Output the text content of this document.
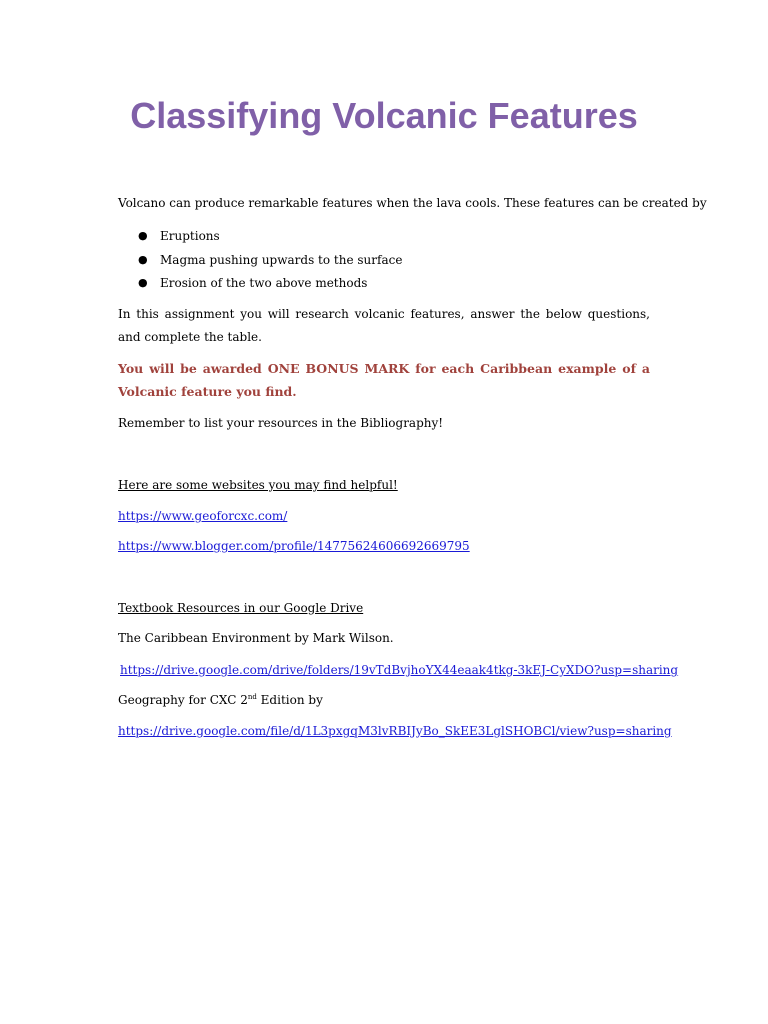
Classifying Volcanic Features

Volcano can produce remarkable features when the lava cools. These features can be created by

● Eruptions
● Magma pushing upwards to the surface
● Erosion of the two above methods

In this assignment you will research volcanic features, answer the below questions, and complete the table.

You will be awarded ONE BONUS MARK for each Caribbean example of a Volcanic feature you find.

Remember to list your resources in the Bibliography!

Here are some websites you may find helpful!

https://www.geoforcxc.com/

https://www.blogger.com/profile/14775624606692669795

Textbook Resources in our Google Drive

The Caribbean Environment by Mark Wilson.

https://drive.google.com/drive/folders/19vTdBvjhoYX44eaak4tkg-3kEJ-CyXDO?usp=sharing

Geography for CXC 2nd Edition by

https://drive.google.com/file/d/1L3pxgqM3lvRBIJyBo_SkEE3LglSHOBCl/view?usp=sharing
